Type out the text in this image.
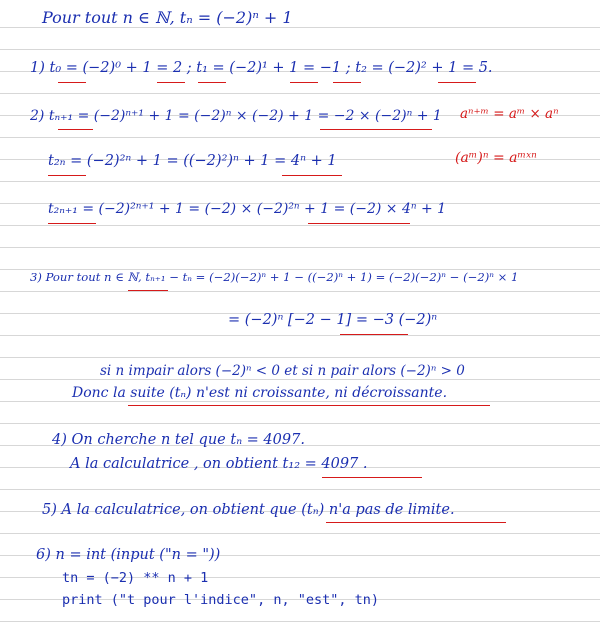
Pour tout n ∈ ℕ, tₙ = (−2)ⁿ + 1
1) t₀ = (−2)⁰ + 1 = 2 ; t₁ = (−2)¹ + 1 = −1 ; t₂ = (−2)² + 1 = 5.
2) tₙ₊₁ = (−2)ⁿ⁺¹ + 1 = (−2)ⁿ × (−2) + 1 = −2 × (−2)ⁿ + 1 aⁿ⁺ᵐ = aᵐ × aⁿ
t₂ₙ = (−2)²ⁿ + 1 = ((−2)²)ⁿ + 1 = 4ⁿ + 1	(aᵐ)ⁿ = aᵐˣⁿ
t₂ₙ₊₁ = (−2)²ⁿ⁺¹ + 1 = (−2) × (−2)²ⁿ + 1 = (−2) × 4ⁿ + 1
3) Pour tout n ∈ ℕ, tₙ₊₁ − tₙ = (−2)(−2)ⁿ + 1 − ((−2)ⁿ + 1) = (−2)(−2)ⁿ − (−2)ⁿ × 1
= (−2)ⁿ [−2 − 1] = −3 (−2)ⁿ
si n impair alors (−2)ⁿ < 0 et si n pair alors (−2)ⁿ > 0
Donc la suite (tₙ) n'est ni croissante, ni décroissante.
4) On cherche n tel que tₙ = 4097.
A la calculatrice , on obtient t₁₂ = 4097 .
5) A la calculatrice, on obtient que (tₙ) n'a pas de limite.
6) n = int (input ("n = "))
tn = (−2) ** n + 1
print ("t pour l'indice", n, "est", tn)
